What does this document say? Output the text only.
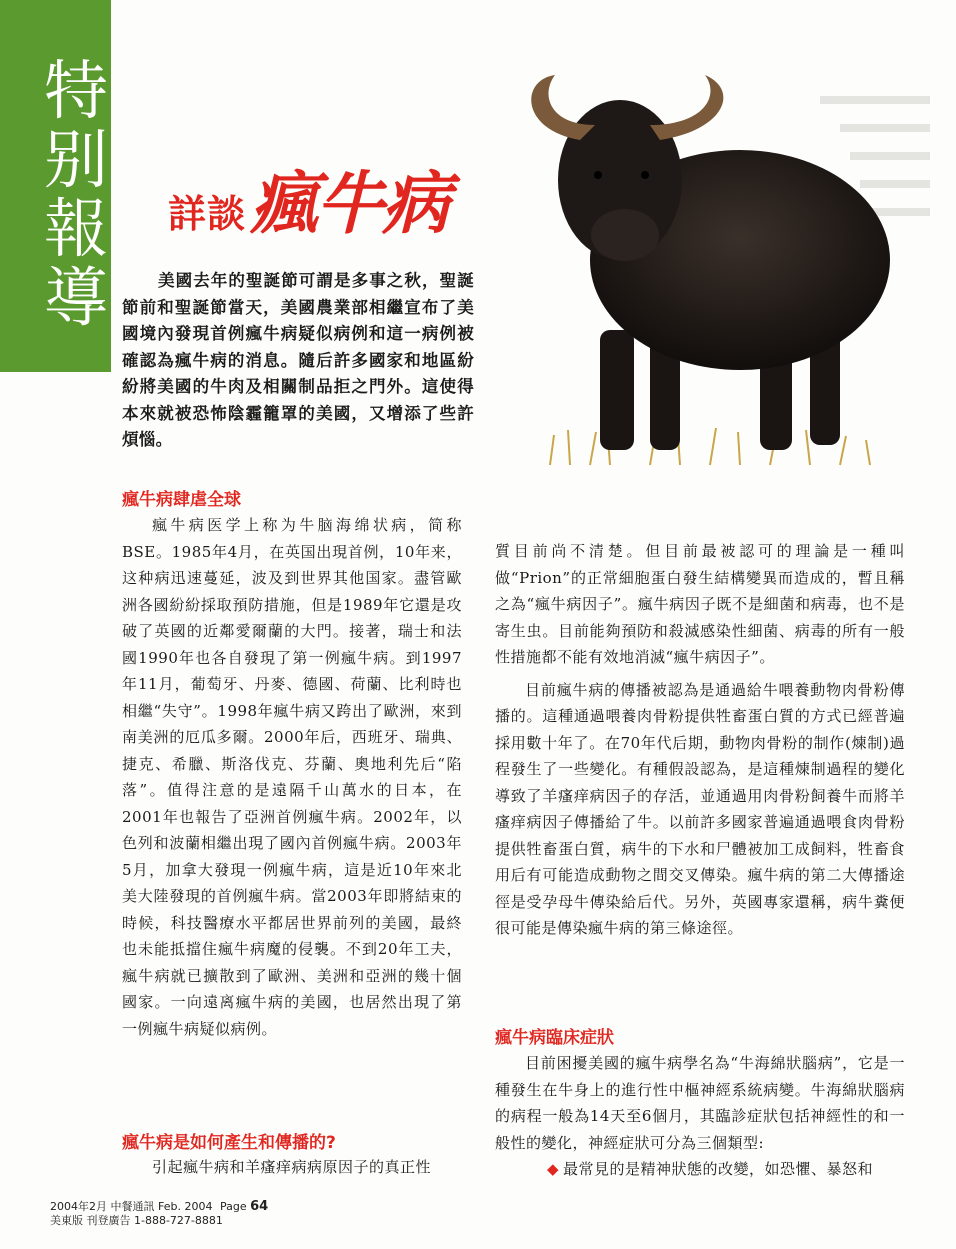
特
别
報
導
詳談瘋牛病
美國去年的聖誕節可謂是多事之秋，聖誕節前和聖誕節當天，美國農業部相繼宣布了美國境內發現首例瘋牛病疑似病例和這一病例被確認為瘋牛病的消息。隨后許多國家和地區紛紛將美國的牛肉及相關制品拒之門外。這使得本來就被恐怖陰霾籠罩的美國，又增添了些許煩惱。
瘋牛病肆虐全球

瘋牛病医学上称为牛脑海绵状病，简称BSE。1985年4月，在英国出現首例，10年来，这种病迅速蔓延，波及到世界其他国家。盡管歐洲各國紛紛採取預防措施，但是1989年它還是攻破了英國的近鄰愛爾蘭的大門。接著，瑞士和法國1990年也各自發現了第一例瘋牛病。到1997年11月，葡萄牙、丹麥、德國、荷蘭、比利時也相繼“失守”。1998年瘋牛病又跨出了歐洲，來到南美洲的厄瓜多爾。2000年后，西班牙、瑞典、捷克、希臘、斯洛伐克、芬蘭、奧地利先后“陷落”。值得注意的是遠隔千山萬水的日本，在2001年也報告了亞洲首例瘋牛病。2002年，以色列和波蘭相繼出現了國內首例瘋牛病。2003年5月，加拿大發現一例瘋牛病，這是近10年來北美大陸發現的首例瘋牛病。當2003年即將結束的時候，科技醫療水平都居世界前列的美國，最終也未能抵擋住瘋牛病魔的侵襲。不到20年工夫，瘋牛病就已擴散到了歐洲、美洲和亞洲的幾十個國家。一向遠离瘋牛病的美國，也居然出現了第一例瘋牛病疑似病例。

瘋牛病是如何產生和傳播的?

引起瘋牛病和羊瘙痒病病原因子的真正性

質目前尚不清楚。但目前最被認可的理論是一種叫做“Prion”的正常細胞蛋白發生結構變異而造成的，暫且稱之為“瘋牛病因子”。瘋牛病因子既不是細菌和病毒，也不是寄生虫。目前能夠預防和殺滅感染性細菌、病毒的所有一般性措施都不能有效地消滅“瘋牛病因子”。

目前瘋牛病的傳播被認為是通過給牛喂養動物肉骨粉傳播的。這種通過喂養肉骨粉提供牲畜蛋白質的方式已經普遍採用數十年了。在70年代后期，動物肉骨粉的制作(煉制)過程發生了一些變化。有種假設認為，是這種煉制過程的變化導致了羊瘙痒病因子的存活，並通過用肉骨粉飼養牛而將羊瘙痒病因子傳播給了牛。以前許多國家普遍通過喂食肉骨粉提供牲畜蛋白質，病牛的下水和尸體被加工成飼料，牲畜食用后有可能造成動物之間交叉傳染。瘋牛病的第二大傳播途徑是受孕母牛傳染給后代。另外，英國專家還稱，病牛糞便很可能是傳染瘋牛病的第三條途徑。

瘋牛病臨床症狀

目前困擾美國的瘋牛病學名為“牛海綿狀腦病”，它是一種發生在牛身上的進行性中樞神經系統病變。牛海綿狀腦病的病程一般為14天至6個月，其臨診症狀包括神經性的和一般性的變化，神經症狀可分為三個類型:

◆ 最常見的是精神狀態的改變，如恐懼、暴怒和

2004年2月 中餐通訊 Feb. 2004 Page 64
美東版 刊登廣告 1-888-727-8881
